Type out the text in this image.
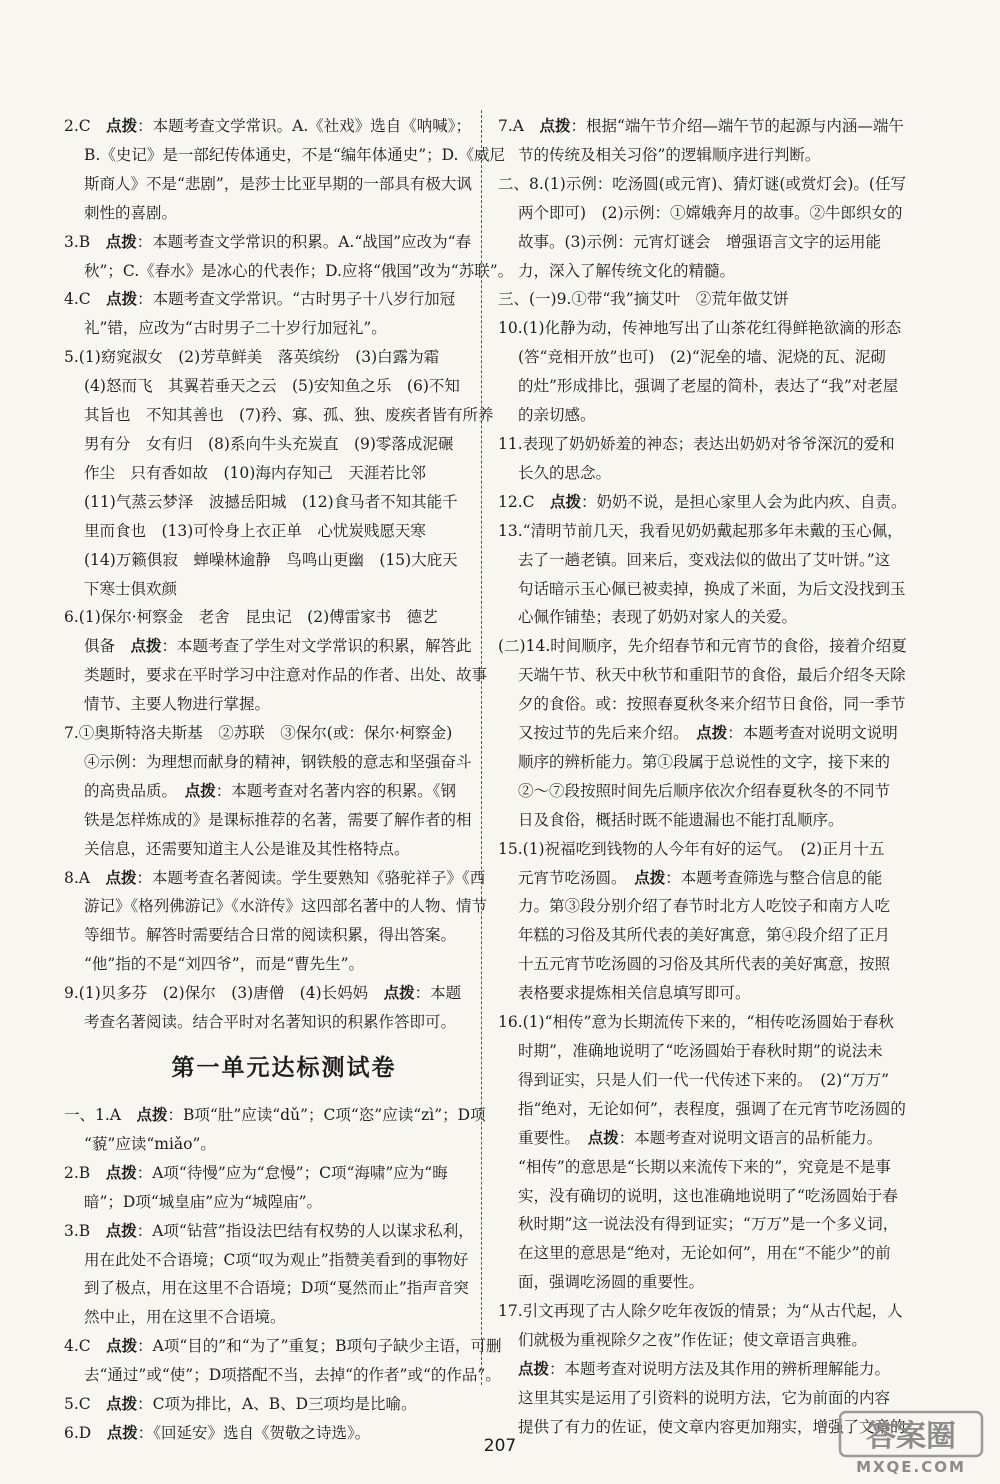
2.C　点拨：本题考查文学常识。A.《社戏》选自《呐喊》；
B.《史记》是一部纪传体通史，不是“编年体通史”；D.《威尼
斯商人》不是“悲剧”，是莎士比亚早期的一部具有极大讽
刺性的喜剧。
3.B　点拨：本题考查文学常识的积累。A.“战国”应改为“春
秋”；C.《春水》是冰心的代表作；D.应将“俄国”改为“苏联”。
4.C　点拨：本题考查文学常识。“古时男子十八岁行加冠
礼”错，应改为“古时男子二十岁行加冠礼”。
5.(1)窈窕淑女　(2)芳草鲜美　落英缤纷　(3)白露为霜
(4)怒而飞　其翼若垂天之云　(5)安知鱼之乐　(6)不知
其旨也　不知其善也　(7)矜、寡、孤、独、废疾者皆有所养
男有分　女有归　(8)系向牛头充炭直　(9)零落成泥碾
作尘　只有香如故　(10)海内存知己　天涯若比邻
(11)气蒸云梦泽　波撼岳阳城　(12)食马者不知其能千
里而食也　(13)可怜身上衣正单　心忧炭贱愿天寒
(14)万籁俱寂　蝉噪林逾静　鸟鸣山更幽　(15)大庇天
下寒士俱欢颜
6.(1)保尔·柯察金　老舍　昆虫记　(2)傅雷家书　德艺
俱备　点拨：本题考查了学生对文学常识的积累，解答此
类题时，要求在平时学习中注意对作品的作者、出处、故事
情节、主要人物进行掌握。
7.①奥斯特洛夫斯基　②苏联　③保尔(或：保尔·柯察金)
④示例：为理想而献身的精神，钢铁般的意志和坚强奋斗
的高贵品质。　点拨：本题考查对名著内容的积累。《钢
铁是怎样炼成的》是课标推荐的名著，需要了解作者的相
关信息，还需要知道主人公是谁及其性格特点。
8.A　点拨：本题考查名著阅读。学生要熟知《骆驼祥子》《西
游记》《格列佛游记》《水浒传》这四部名著中的人物、情节
等细节。解答时需要结合日常的阅读积累，得出答案。
“他”指的不是“刘四爷”，而是“曹先生”。
9.(1)贝多芬　(2)保尔　(3)唐僧　(4)长妈妈　点拨：本题
考查名著阅读。结合平时对名著知识的积累作答即可。
第一单元达标测试卷
一、1.A　点拨：B项“肚”应读“dǔ”；C项“恣”应读“zì”；D项
“藐”应读“miǎo”。
2.B　点拨：A项“待慢”应为“怠慢”；C项“海啸”应为“晦
暗”；D项“城皇庙”应为“城隍庙”。
3.B　点拨：A项“钻营”指设法巴结有权势的人以谋求私利，
用在此处不合语境；C项“叹为观止”指赞美看到的事物好
到了极点，用在这里不合语境；D项“戛然而止”指声音突
然中止，用在这里不合语境。
4.C　点拨：A项“目的”和“为了”重复；B项句子缺少主语，可删
去“通过”或“使”；D项搭配不当，去掉“的作者”或“的作品”。
5.C　点拨：C项为排比，A、B、D三项均是比喻。
6.D　点拨：《回延安》选自《贺敬之诗选》。
7.A　点拨：根据“端午节介绍—端午节的起源与内涵—端午
节的传统及相关习俗”的逻辑顺序进行判断。
二、8.(1)示例：吃汤圆(或元宵)、猜灯谜(或赏灯会)。(任写
两个即可)　(2)示例：①嫦娥奔月的故事。②牛郎织女的
故事。(3)示例：元宵灯谜会　增强语言文字的运用能
力，深入了解传统文化的精髓。
三、(一)9.①带“我”摘艾叶　②荒年做艾饼
10.(1)化静为动，传神地写出了山茶花红得鲜艳欲滴的形态
(答“竞相开放”也可)　(2)“泥垒的墙、泥烧的瓦、泥砌
的灶”形成排比，强调了老屋的简朴，表达了“我”对老屋
的亲切感。
11.表现了奶奶娇羞的神态；表达出奶奶对爷爷深沉的爱和
长久的思念。
12.C　点拨：奶奶不说，是担心家里人会为此内疚、自责。
13.“清明节前几天，我看见奶奶戴起那多年未戴的玉心佩，
去了一趟老镇。回来后，变戏法似的做出了艾叶饼。”这
句话暗示玉心佩已被卖掉，换成了米面，为后文没找到玉
心佩作铺垫；表现了奶奶对家人的关爱。
(二)14.时间顺序，先介绍春节和元宵节的食俗，接着介绍夏
天端午节、秋天中秋节和重阳节的食俗，最后介绍冬天除
夕的食俗。或：按照春夏秋冬来介绍节日食俗，同一季节
又按过节的先后来介绍。　点拨：本题考查对说明文说明
顺序的辨析能力。第①段属于总说性的文字，接下来的
②～⑦段按照时间先后顺序依次介绍春夏秋冬的不同节
日及食俗，概括时既不能遗漏也不能打乱顺序。
15.(1)祝福吃到钱物的人今年有好的运气。　(2)正月十五
元宵节吃汤圆。　点拨：本题考查筛选与整合信息的能
力。第③段分别介绍了春节时北方人吃饺子和南方人吃
年糕的习俗及其所代表的美好寓意，第④段介绍了正月
十五元宵节吃汤圆的习俗及其所代表的美好寓意，按照
表格要求提炼相关信息填写即可。
16.(1)“相传”意为长期流传下来的，“相传吃汤圆始于春秋
时期”，准确地说明了“吃汤圆始于春秋时期”的说法未
得到证实，只是人们一代一代传述下来的。　(2)“万万”
指“绝对，无论如何”，表程度，强调了在元宵节吃汤圆的
重要性。　点拨：本题考查对说明文语言的品析能力。
“相传”的意思是“长期以来流传下来的”，究竟是不是事
实，没有确切的说明，这也准确地说明了“吃汤圆始于春
秋时期”这一说法没有得到证实；“万万”是一个多义词，
在这里的意思是“绝对，无论如何”，用在“不能少”的前
面，强调吃汤圆的重要性。
17.引文再现了古人除夕吃年夜饭的情景；为“从古代起，人
们就极为重视除夕之夜”作佐证；使文章语言典雅。
点拨：本题考查对说明方法及其作用的辨析理解能力。
这里其实是运用了引资料的说明方法，它为前面的内容
提供了有力的佐证，使文章内容更加翔实，增强了文章的
207	答案圈
MXQE.COM
